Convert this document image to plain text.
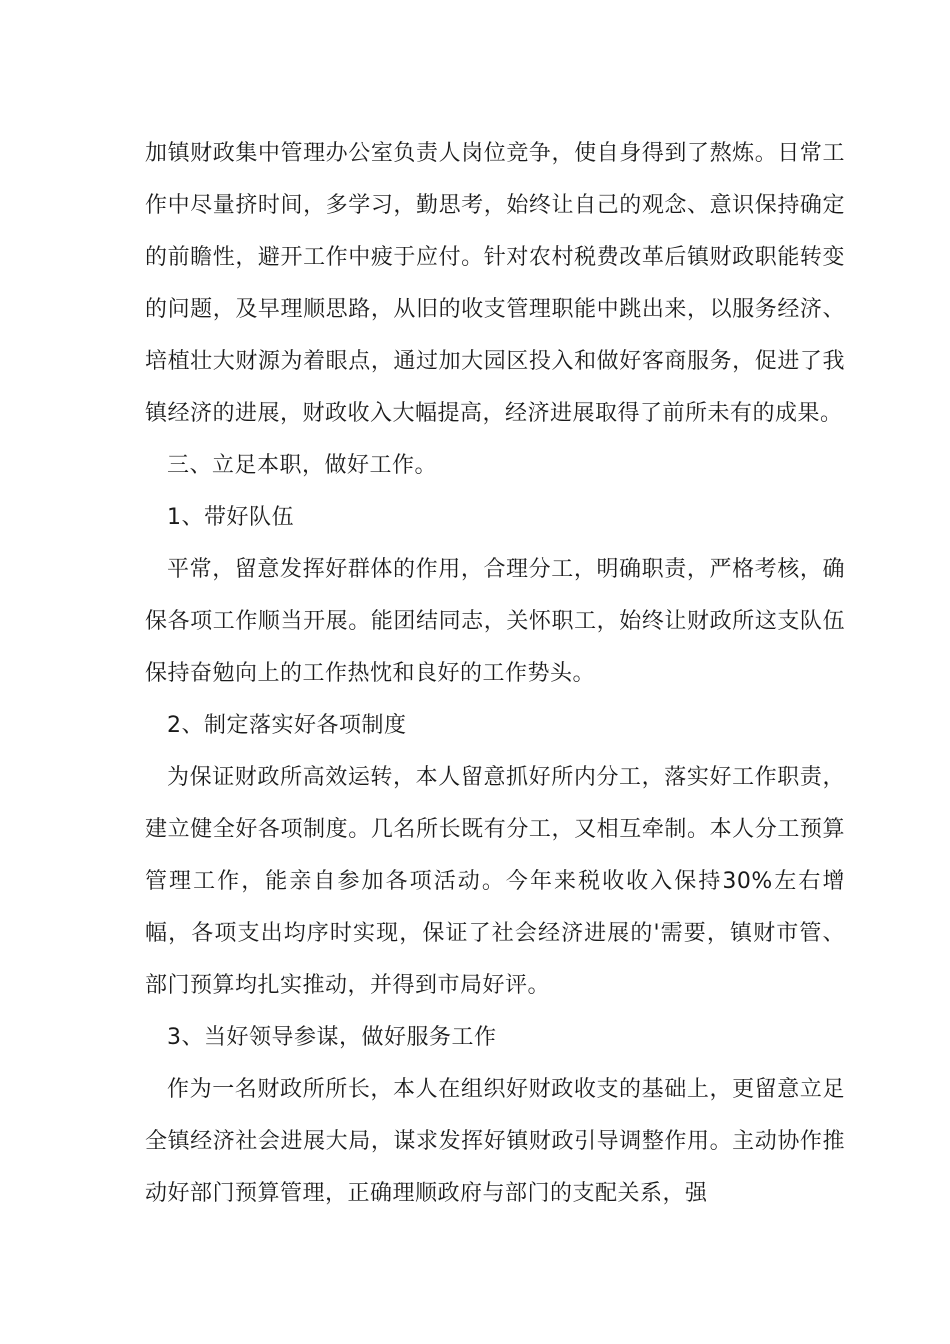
加镇财政集中管理办公室负责人岗位竞争，使自身得到了熬炼。日常工作中尽量挤时间，多学习，勤思考，始终让自己的观念、意识保持确定的前瞻性，避开工作中疲于应付。针对农村税费改革后镇财政职能转变的问题，及早理顺思路，从旧的收支管理职能中跳出来，以服务经济、培植壮大财源为着眼点，通过加大园区投入和做好客商服务，促进了我镇经济的进展，财政收入大幅提高，经济进展取得了前所未有的成果。

三、立足本职，做好工作。

1、带好队伍

平常，留意发挥好群体的作用，合理分工，明确职责，严格考核，确保各项工作顺当开展。能团结同志，关怀职工，始终让财政所这支队伍保持奋勉向上的工作热忱和良好的工作势头。

2、制定落实好各项制度

为保证财政所高效运转，本人留意抓好所内分工，落实好工作职责，建立健全好各项制度。几名所长既有分工，又相互牵制。本人分工预算管理工作，能亲自参加各项活动。今年来税收收入保持30%左右增幅，各项支出均序时实现，保证了社会经济进展的'需要，镇财市管、部门预算均扎实推动，并得到市局好评。

3、当好领导参谋，做好服务工作

作为一名财政所所长，本人在组织好财政收支的基础上，更留意立足全镇经济社会进展大局，谋求发挥好镇财政引导调整作用。主动协作推动好部门预算管理，正确理顺政府与部门的支配关系，强
